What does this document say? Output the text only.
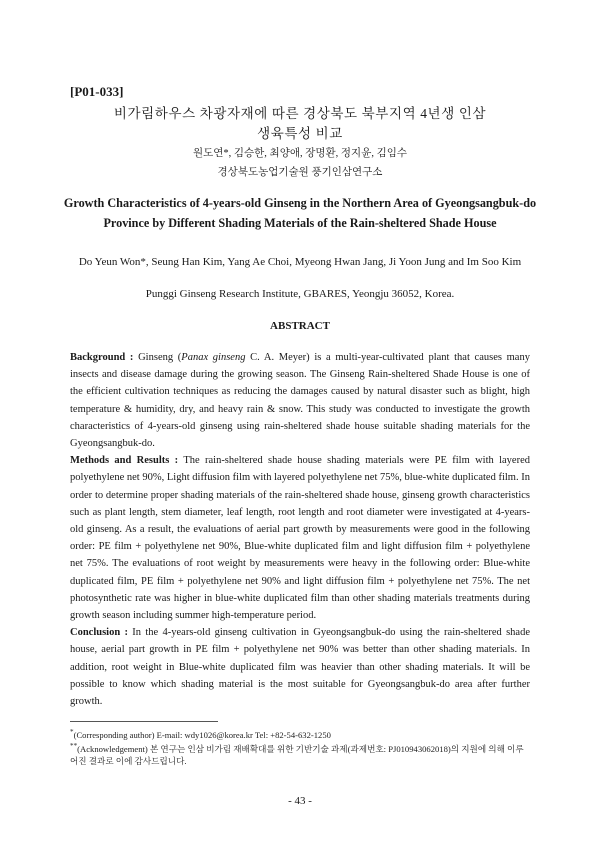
[P01-033]
비가림하우스 차광자재에 따른 경상북도 북부지역 4년생 인삼
생육특성 비교
원도연*, 김승한, 최양애, 장명환, 정지윤, 김임수
경상북도농업기술원 풍기인삼연구소
Growth Characteristics of 4-years-old Ginseng in the Northern Area of Gyeongsangbuk-do Province by Different Shading Materials of the Rain-sheltered Shade House
Do Yeun Won*, Seung Han Kim, Yang Ae Choi, Myeong Hwan Jang, Ji Yoon Jung and Im Soo Kim
Punggi Ginseng Research Institute, GBARES, Yeongju 36052, Korea.
ABSTRACT

Background : Ginseng (Panax ginseng C. A. Meyer) is a multi-year-cultivated plant that causes many insects and disease damage during the growing season. The Ginseng Rain-sheltered Shade House is one of the efficient cultivation techniques as reducing the damages caused by natural disaster such as blight, high temperature & humidity, dry, and heavy rain & snow. This study was conducted to investigate the growth characteristics of 4-years-old ginseng using rain-sheltered shade house suitable shading materials for the Gyeongsangbuk-do.

Methods and Results : The rain-sheltered shade house shading materials were PE film with layered polyethylene net 90%, Light diffusion film with layered polyethylene net 75%, blue-white duplicated film. In order to determine proper shading materials of the rain-sheltered shade house, ginseng growth characteristics such as plant length, stem diameter, leaf length, root length and root diameter were investigated at 4-years-old ginseng. As a result, the evaluations of aerial part growth by measurements were good in the following order: PE film + polyethylene net 90%, Blue-white duplicated film and light diffusion film + polyethylene net 75%. The evaluations of root weight by measurements were heavy in the following order: Blue-white duplicated film, PE film + polyethylene net 90% and light diffusion film + polyethylene net 75%. The net photosynthetic rate was higher in blue-white duplicated film than other shading materials treatments during growth season including summer high-temperature period.

Conclusion : In the 4-years-old ginseng cultivation in Gyeongsangbuk-do using the rain-sheltered shade house, aerial part growth in PE film + polyethylene net 90% was better than other shading materials. In addition, root weight in Blue-white duplicated film was heavier than other shading materials. It will be possible to know which shading material is the most suitable for Gyeongsangbuk-do area after further growth.

*(Corresponding author) E-mail: wdy1026@korea.kr Tel: +82-54-632-1250
**(Acknowledgement) 본 연구는 인삼 비가림 재배확대를 위한 기반기술 과제(과제번호: PJ010943062018)의 지원에 의해 이루어진 결과로 이에 감사드립니다.
- 43 -
